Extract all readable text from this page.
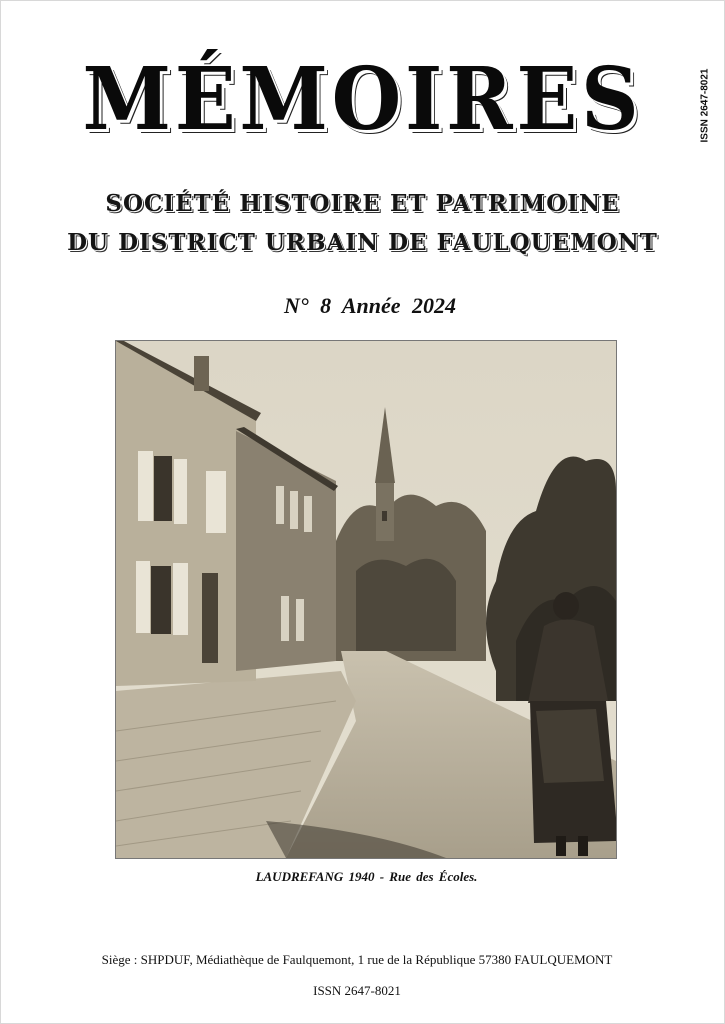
MÉMOIRES	ISSN 2647-8021
SOCIÉTÉ HISTOIRE ET PATRIMOINE
DU DISTRICT URBAIN DE FAULQUEMONT
N° 8 Année 2024
LAUDREFANG 1940 - Rue des Écoles.
Siège : SHPDUF, Médiathèque de Faulquemont, 1 rue de la République 57380 FAULQUEMONT
ISSN 2647-8021
